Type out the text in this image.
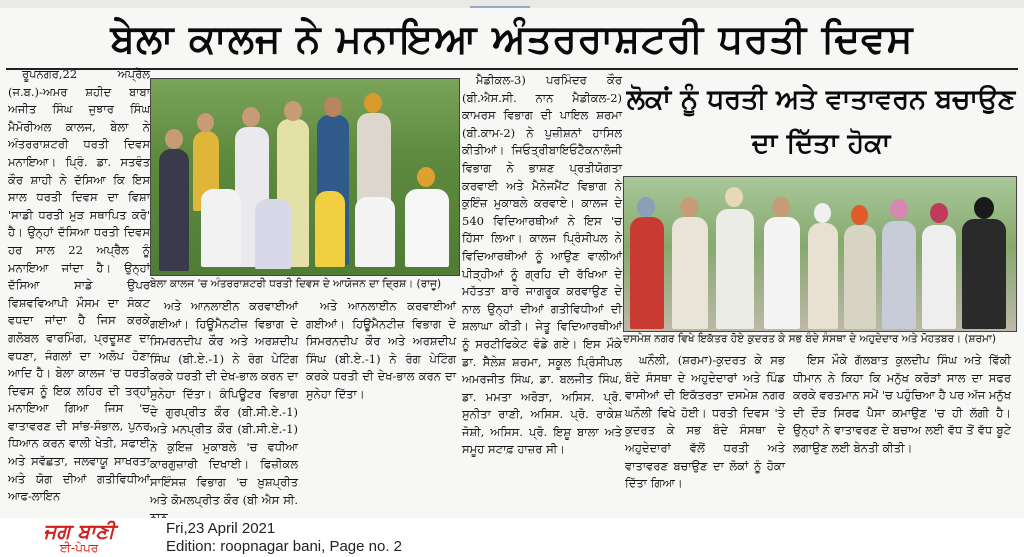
ਬੇਲਾ ਕਾਲਜ ਨੇ ਮਨਾਇਆ ਅੰਤਰਰਾਸ਼ਟਰੀ ਧਰਤੀ ਦਿਵਸ

ਰੂਪਨਗਰ,22 ਅਪ੍ਰੈਲ (ਜ.ਬ.)-ਅਮਰ ਸ਼ਹੀਦ ਬਾਬਾ ਅਜੀਤ ਸਿੰਘ ਜੁਝਾਰ ਸਿੰਘ ਮੈਮੋਰੀਅਲ ਕਾਲਜ, ਬੇਲਾ ਨੇ ਅੰਤਰਰਾਸ਼ਟਰੀ ਧਰਤੀ ਦਿਵਸ ਮਨਾਇਆ। ਪ੍ਰਿੰ. ਡਾ. ਸਤਵੰਤ ਕੌਰ ਸ਼ਾਹੀ ਨੇ ਦੱਸਿਆ ਕਿ ਇਸ ਸਾਲ ਧਰਤੀ ਦਿਵਸ ਦਾ ਵਿਸ਼ਾ 'ਸਾਡੀ ਧਰਤੀ ਮੁੜ ਸਥਾਪਿਤ ਕਰੋ' ਹੈ। ਉਨ੍ਹਾਂ ਦੱਸਿਆ ਧਰਤੀ ਦਿਵਸ ਹਰ ਸਾਲ 22 ਅਪ੍ਰੈਲ ਨੂੰ ਮਨਾਇਆ ਜਾਂਦਾ ਹੈ। ਉਨ੍ਹਾਂ ਦੱਸਿਆ ਸਾਡੇ ਉਪਰ ਵਿਸ਼ਵਵਿਆਪੀ ਮੌਸਮ ਦਾ ਸੰਕਟ ਵਧਦਾ ਜਾਂਦਾ ਹੈ ਜਿਸ ਕਰਕੇ ਗਲੋਬਲ ਵਾਰਮਿੰਗ, ਪ੍ਰਦੂਸ਼ਣ ਦਾ ਵਧਣਾ, ਜੰਗਲਾਂ ਦਾ ਅਲੋਪ ਹੋਣਾ ਆਦਿ ਹੈ। ਬੇਲਾ ਕਾਲਜ 'ਚ ਧਰਤੀ ਦਿਵਸ ਨੂੰ ਇਕ ਲਹਿਰ ਦੀ ਤਰ੍ਹਾਂ ਮਨਾਇਆ ਗਿਆ ਜਿਸ 'ਚ ਵਾਤਾਵਰਣ ਦੀ ਸਾਂਭ-ਸੰਭਾਲ, ਪੁਨਰ ਧਿਆਨ ਕਰਨ ਵਾਲੀ ਖੇਤੀ, ਸਫਾਈ ਅਤੇ ਸਵੱਛਤਾ, ਜਲਵਾਯੂ ਸਾਖਰਤਾ ਅਤੇ ਯੋਗ ਦੀਆਂ ਗਤੀਵਿਧੀਆਂ ਆਫ-ਲਾਇਨ

ਬੇਲਾ ਕਾਲਜ 'ਚ ਅੰਤਰਰਾਸ਼ਟਰੀ ਧਰਤੀ ਦਿਵਸ ਦੇ ਆਯੋਜਨ ਦਾ ਦ੍ਰਿਸ਼। (ਰਾਜੂ)

ਅਤੇ ਆਨਲਾਈਨ ਕਰਵਾਈਆਂ ਗਈਆਂ। ਹਿਊਮੈਨਟੀਜ਼ ਵਿਭਾਗ ਦੇ ਸਿਮਰਨਦੀਪ ਕੌਰ ਅਤੇ ਅਰਸ਼ਦੀਪ ਸਿੰਘ (ਬੀ.ਏ.-1) ਨੇ ਰੰਗ ਪੇਟਿੰਗ ਕਰਕੇ ਧਰਤੀ ਦੀ ਦੇਖ-ਭਾਲ ਕਰਨ ਦਾ ਸੁਨੇਹਾ ਦਿੱਤਾ। ਕੰਪਿਊਟਰ ਵਿਭਾਗ ਦੇ ਗੁਰਪ੍ਰੀਤ ਕੌਰ (ਬੀ.ਸੀ.ਏ.-1) ਅਤੇ ਮਨਪ੍ਰੀਤ ਕੌਰ (ਬੀ.ਸੀ.ਏ.-1) ਨੇ ਕੁਇਜ਼ ਮੁਕਾਬਲੇ 'ਚ ਵਧੀਆ ਕਾਰਗੁਜ਼ਾਰੀ ਦਿਖਾਈ। ਫਿਜ਼ੀਕਲ ਸਾਇੰਸਜ਼ ਵਿਭਾਗ 'ਚ ਖ਼ੁਸ਼ਪ੍ਰੀਤ ਅਤੇ ਕੋਮਲਪ੍ਰੀਤ ਕੌਰ (ਬੀ ਐਸ ਸੀ.

ਅਤੇ ਆਨਲਾਈਨ ਕਰਵਾਈਆਂ ਗਈਆਂ। ਹਿਊਮੈਨਟੀਜ਼ ਵਿਭਾਗ ਦੇ ਸਿਮਰਨਦੀਪ ਕੌਰ ਅਤੇ ਅਰਸ਼ਦੀਪ ਸਿੰਘ (ਬੀ.ਏ.-1) ਨੇ ਰੰਗ ਪੇਟਿੰਗ ਕਰਕੇ ਧਰਤੀ ਦੀ ਦੇਖ-ਭਾਲ ਕਰਨ ਦਾ ਸੁਨੇਹਾ ਦਿੱਤਾ।

ਮੈਡੀਕਲ-3) ਪਰਮਿੰਦਰ ਕੌਰ (ਬੀ.ਐਸ.ਸੀ. ਨਾਨ ਮੈਡੀਕਲ-2) ਕਾਮਰਸ ਵਿਭਾਗ ਦੀ ਪਾਇਲ ਸ਼ਰਮਾ (ਬੀ.ਕਾਮ-2) ਨੇ ਪੁਜ਼ੀਸ਼ਨਾਂ ਹਾਸਿਲ ਕੀਤੀਆਂ। ਜਿਓਤ੍ਰੀਬਾਇਓਟੈਕਨਾਲੋਜੀ ਵਿਭਾਗ ਨੇ ਭਾਸ਼ਣ ਪ੍ਰਤੀਯੋਗਤਾ ਕਰਵਾਈ ਅਤੇ ਮੈਨੇਜਮੈਂਟ ਵਿਭਾਗ ਨੇ ਕੁਇੰਜ਼ ਮੁਕਾਬਲੇ ਕਰਵਾਏ। ਕਾਲਜ ਦੇ 540 ਵਿਦਿਆਰਥੀਆਂ ਨੇ ਇਸ 'ਚ ਹਿੱਸਾ ਲਿਆ। ਕਾਲਜ ਪ੍ਰਿੰਸੀਪਲ ਨੇ ਵਿਦਿਆਰਥੀਆਂ ਨੂੰ ਆਉਣ ਵਾਲੀਆਂ ਪੀੜ੍ਹੀਆਂ ਨੂੰ ਗ੍ਰਹਿ ਦੀ ਰੱਖਿਆ ਦੇ ਮਹੱਤਤਾ ਬਾਰੇ ਜਾਗਰੂਕ ਕਰਵਾਉਣ ਦੇ ਨਾਲ ਉਨ੍ਹਾਂ ਦੀਆਂ ਗਤੀਵਿਧੀਆਂ ਦੀ ਸ਼ਲਾਘਾ ਕੀਤੀ। ਜੇਤੂ ਵਿਦਿਆਰਥੀਆਂ ਨੂੰ ਸਰਟੀਫਿਕੇਟ ਵੰਡੇ ਗਏ। ਇਸ ਮੌਕੇ ਡਾ. ਸੈਲੇਸ਼ ਸ਼ਰਮਾ, ਸਕੂਲ ਪ੍ਰਿੰਸੀਪਲ ਅਮਰਜੀਤ ਸਿੰਘ, ਡਾ. ਬਲਜੀਤ ਸਿੰਘ, ਡਾ. ਮਮਤਾ ਅਰੋੜਾ, ਅਸਿਸ. ਪ੍ਰੋ. ਸੁਨੀਤਾ ਰਾਣੀ, ਅਸਿਸ. ਪ੍ਰੋ. ਰਾਕੇਸ਼ ਜੋਸ਼ੀ, ਅਸਿਸ. ਪ੍ਰੋ. ਇਸ਼ੂ ਬਾਲਾ ਅਤੇ ਸਮੂਹ ਸਟਾਫ਼ ਹਾਜ਼ਰ ਸੀ।

ਲੋਕਾਂ ਨੂੰ ਧਰਤੀ ਅਤੇ ਵਾਤਾਵਰਨ ਬਚਾਉਣ ਦਾ ਦਿੱਤਾ ਹੋਕਾ
ਦਸਮੇਸ਼ ਨਗਰ ਵਿਖੇ ਇਕੱਤਰ ਹੋਏ ਕੁਦਰਤ ਕੇ ਸਭ ਬੰਦੇ ਸੰਸਥਾ ਦੇ ਅਹੁਦੇਦਾਰ ਅਤੇ ਮੋਹਤਬਰ। (ਸ਼ਰਮਾ)

ਘਨੌਲੀ, (ਸ਼ਰਮਾ)-ਕੁਦਰਤ ਕੇ ਸਭ ਬੰਦੇ ਸੰਸਥਾ ਦੇ ਅਹੁਦੇਦਾਰਾਂ ਅਤੇ ਪਿੰਡ ਵਾਸੀਆਂ ਦੀ ਇਕੱਤਰਤਾ ਦਸਮੇਸ਼ ਨਗਰ ਘਨੌਲੀ ਵਿਖੇ ਹੋਈ। ਧਰਤੀ ਦਿਵਸ 'ਤੇ ਕੁਦਰਤ ਕੇ ਸਭ ਬੰਦੇ ਸੰਸਥਾ ਦੇ ਅਹੁਦੇਦਾਰਾਂ ਵੱਲੋਂ ਧਰਤੀ ਅਤੇ ਵਾਤਾਵਰਣ ਬਚਾਉਣ ਦਾ ਲੋਕਾਂ ਨੂੰ ਹੋਕਾ ਦਿੱਤਾ ਗਿਆ।

ਇਸ ਮੌਕੇ ਗੱਲਬਾਤ ਕੁਲਦੀਪ ਸਿੰਘ ਅਤੇ ਵਿੱਕੀ ਧੀਮਾਨ ਨੇ ਕਿਹਾ ਕਿ ਮਨੁੱਖ ਕਰੋੜਾਂ ਸਾਲ ਦਾ ਸਫਰ ਕਰਕੇ ਵਰਤਮਾਨ ਸਮੇਂ 'ਚ ਪਹੁੰਚਿਆ ਹੈ ਪਰ ਅੱਜ ਮਨੁੱਖ ਦੀ ਦੌੜ ਸਿਰਫ ਪੈਸਾ ਕਮਾਉਣ 'ਚ ਹੀ ਲੱਗੀ ਹੈ। ਉਨ੍ਹਾਂ ਨੇ ਵਾਤਾਵਰਣ ਦੇ ਬਚਾਅ ਲਈ ਵੱਧ ਤੋਂ ਵੱਧ ਬੂਟੇ ਲਗਾਉਣ ਲਈ ਬੇਨਤੀ ਕੀਤੀ।

ਜਗ ਬਾਣੀ
ਈ-ਪੇਪਰ
Fri,23 April 2021
Edition: roopnagar bani, Page no. 2
